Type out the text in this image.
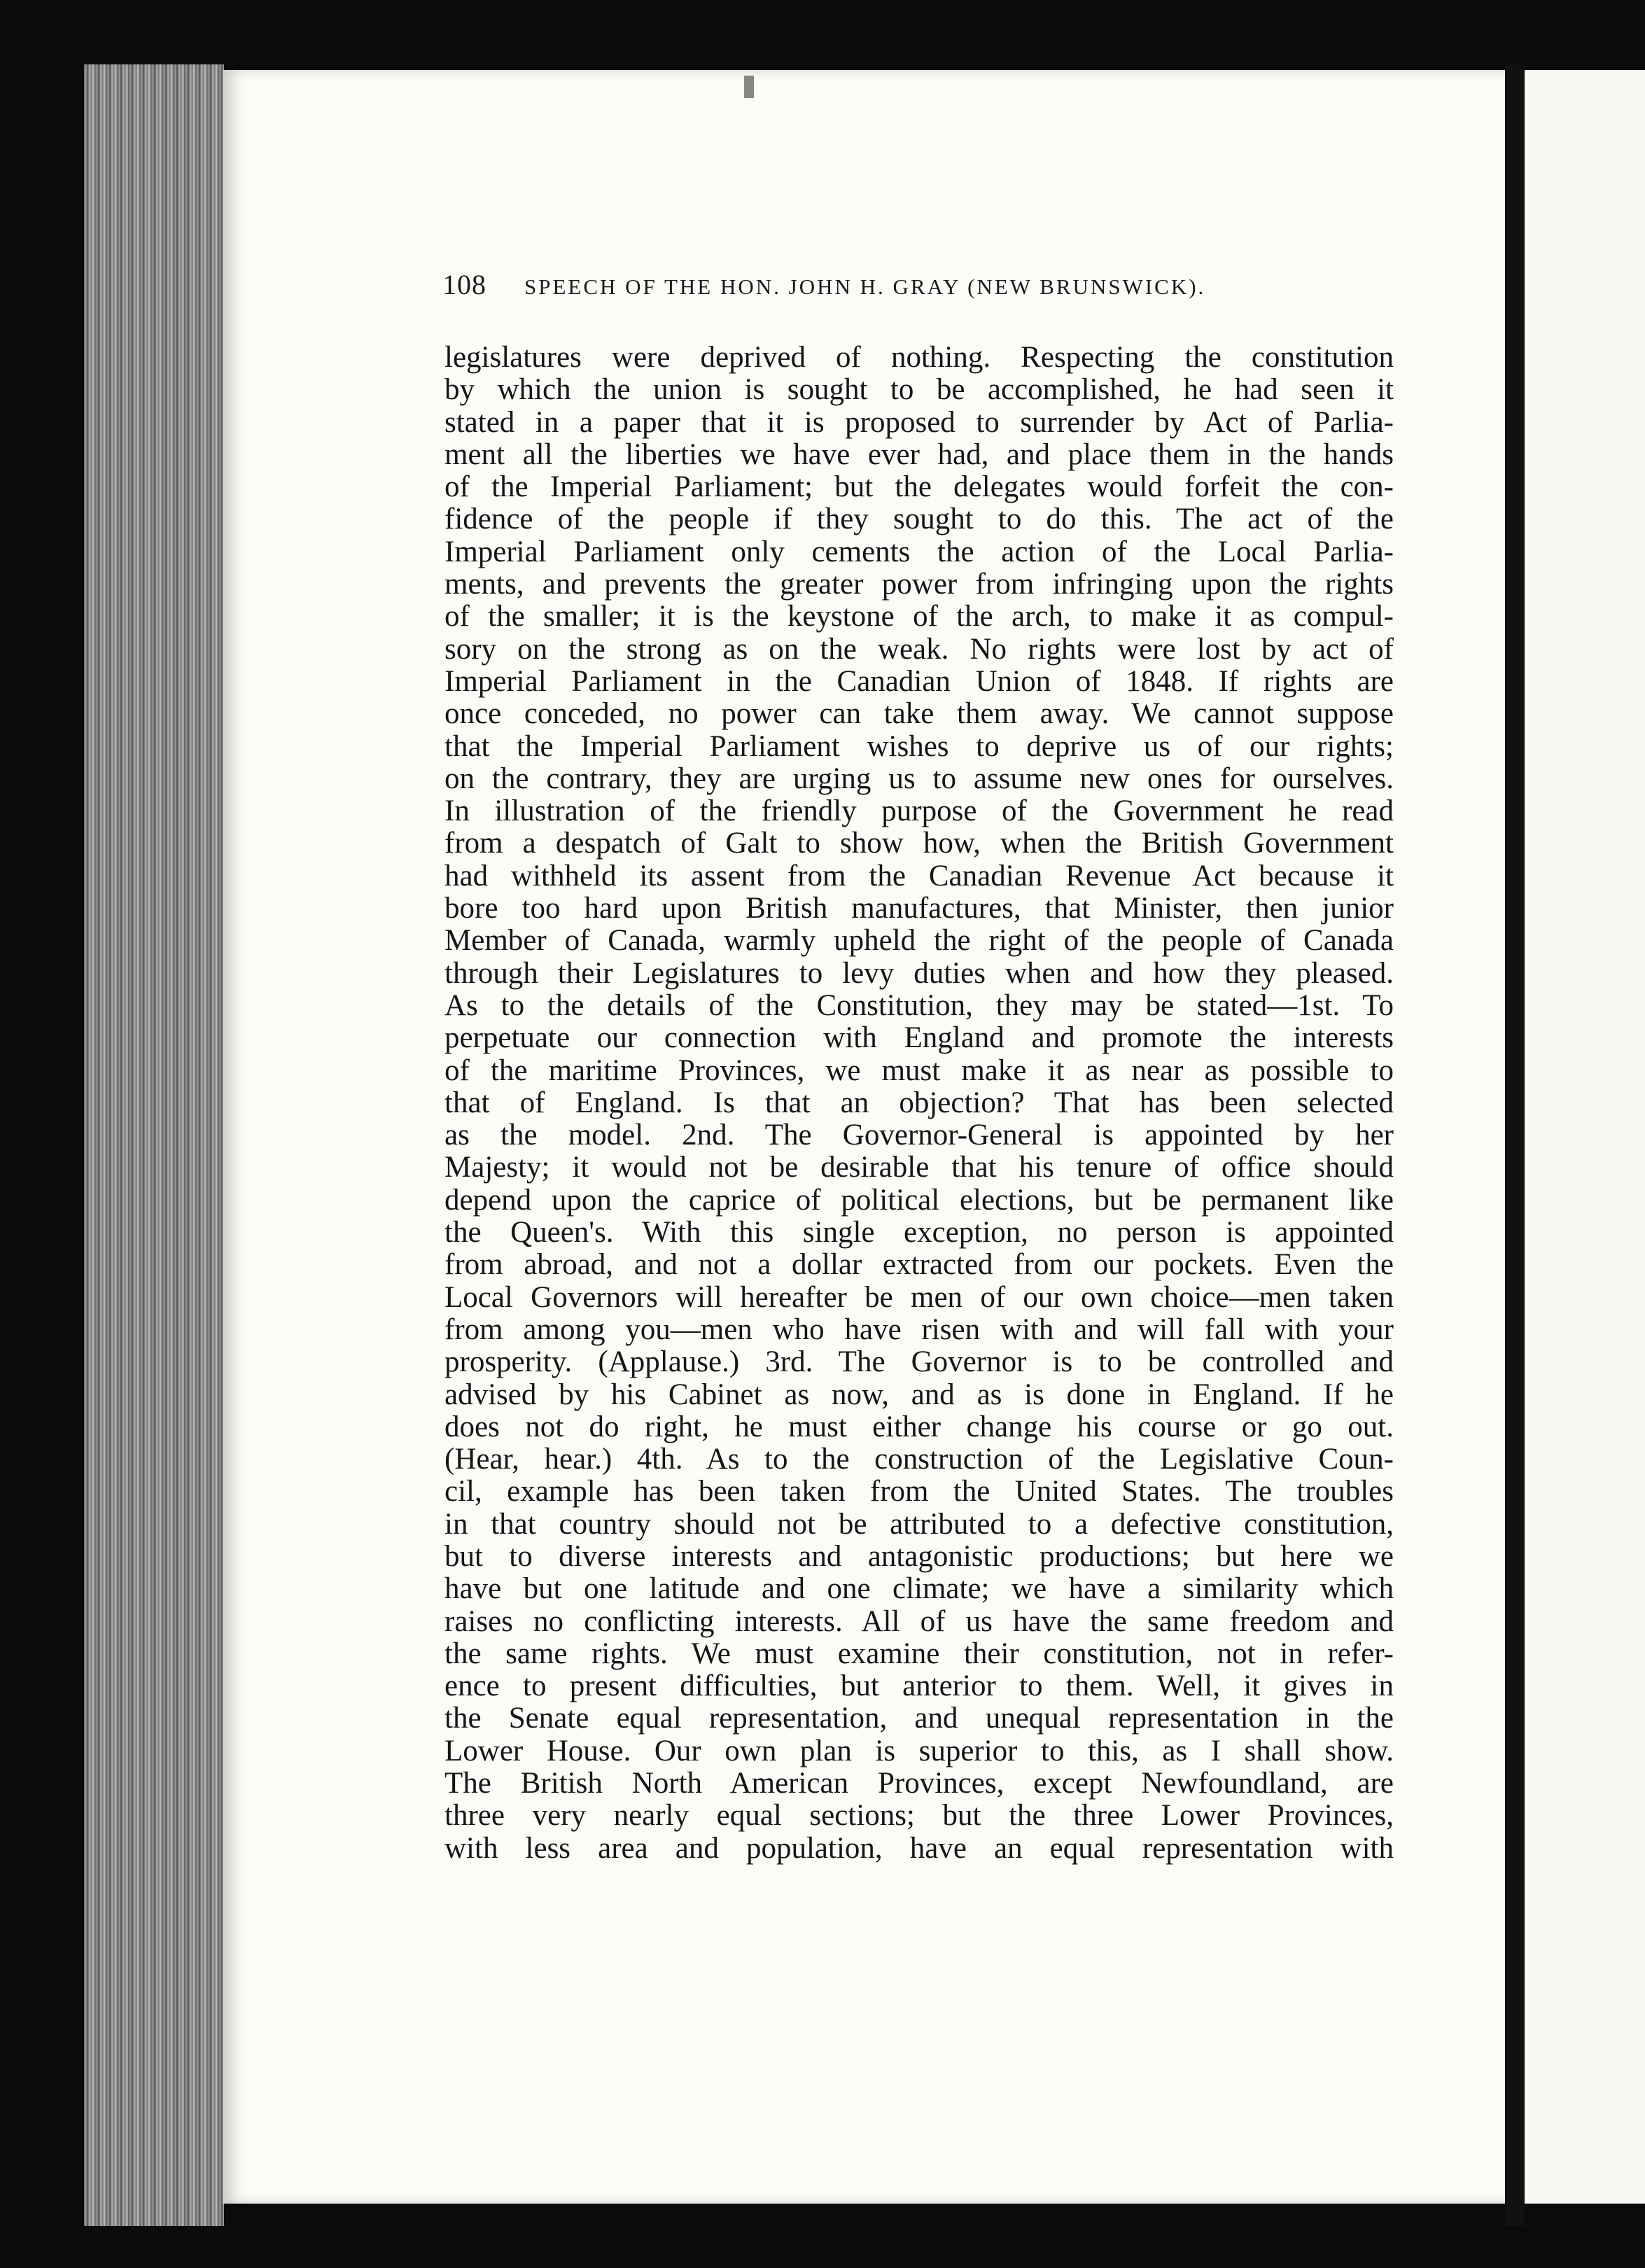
108 SPEECH OF THE HON. JOHN H. GRAY (NEW BRUNSWICK).
legislatures were deprived of nothing. Respecting the constitution
by which the union is sought to be accomplished, he had seen it
stated in a paper that it is proposed to surrender by Act of Parlia-
ment all the liberties we have ever had, and place them in the hands
of the Imperial Parliament; but the delegates would forfeit the con-
fidence of the people if they sought to do this. The act of the
Imperial Parliament only cements the action of the Local Parlia-
ments, and prevents the greater power from infringing upon the rights
of the smaller; it is the keystone of the arch, to make it as compul-
sory on the strong as on the weak. No rights were lost by act of
Imperial Parliament in the Canadian Union of 1848. If rights are
once conceded, no power can take them away. We cannot suppose
that the Imperial Parliament wishes to deprive us of our rights;
on the contrary, they are urging us to assume new ones for ourselves.
In illustration of the friendly purpose of the Government he read
from a despatch of Galt to show how, when the British Government
had withheld its assent from the Canadian Revenue Act because it
bore too hard upon British manufactures, that Minister, then junior
Member of Canada, warmly upheld the right of the people of Canada
through their Legislatures to levy duties when and how they pleased.
As to the details of the Constitution, they may be stated—1st. To
perpetuate our connection with England and promote the interests
of the maritime Provinces, we must make it as near as possible to
that of England. Is that an objection? That has been selected
as the model. 2nd. The Governor-General is appointed by her
Majesty; it would not be desirable that his tenure of office should
depend upon the caprice of political elections, but be permanent like
the Queen's. With this single exception, no person is appointed
from abroad, and not a dollar extracted from our pockets. Even the
Local Governors will hereafter be men of our own choice—men taken
from among you—men who have risen with and will fall with your
prosperity. (Applause.) 3rd. The Governor is to be controlled and
advised by his Cabinet as now, and as is done in England. If he
does not do right, he must either change his course or go out.
(Hear, hear.) 4th. As to the construction of the Legislative Coun-
cil, example has been taken from the United States. The troubles
in that country should not be attributed to a defective constitution,
but to diverse interests and antagonistic productions; but here we
have but one latitude and one climate; we have a similarity which
raises no conflicting interests. All of us have the same freedom and
the same rights. We must examine their constitution, not in refer-
ence to present difficulties, but anterior to them. Well, it gives in
the Senate equal representation, and unequal representation in the
Lower House. Our own plan is superior to this, as I shall show.
The British North American Provinces, except Newfoundland, are
three very nearly equal sections; but the three Lower Provinces,
with less area and population, have an equal representation with
